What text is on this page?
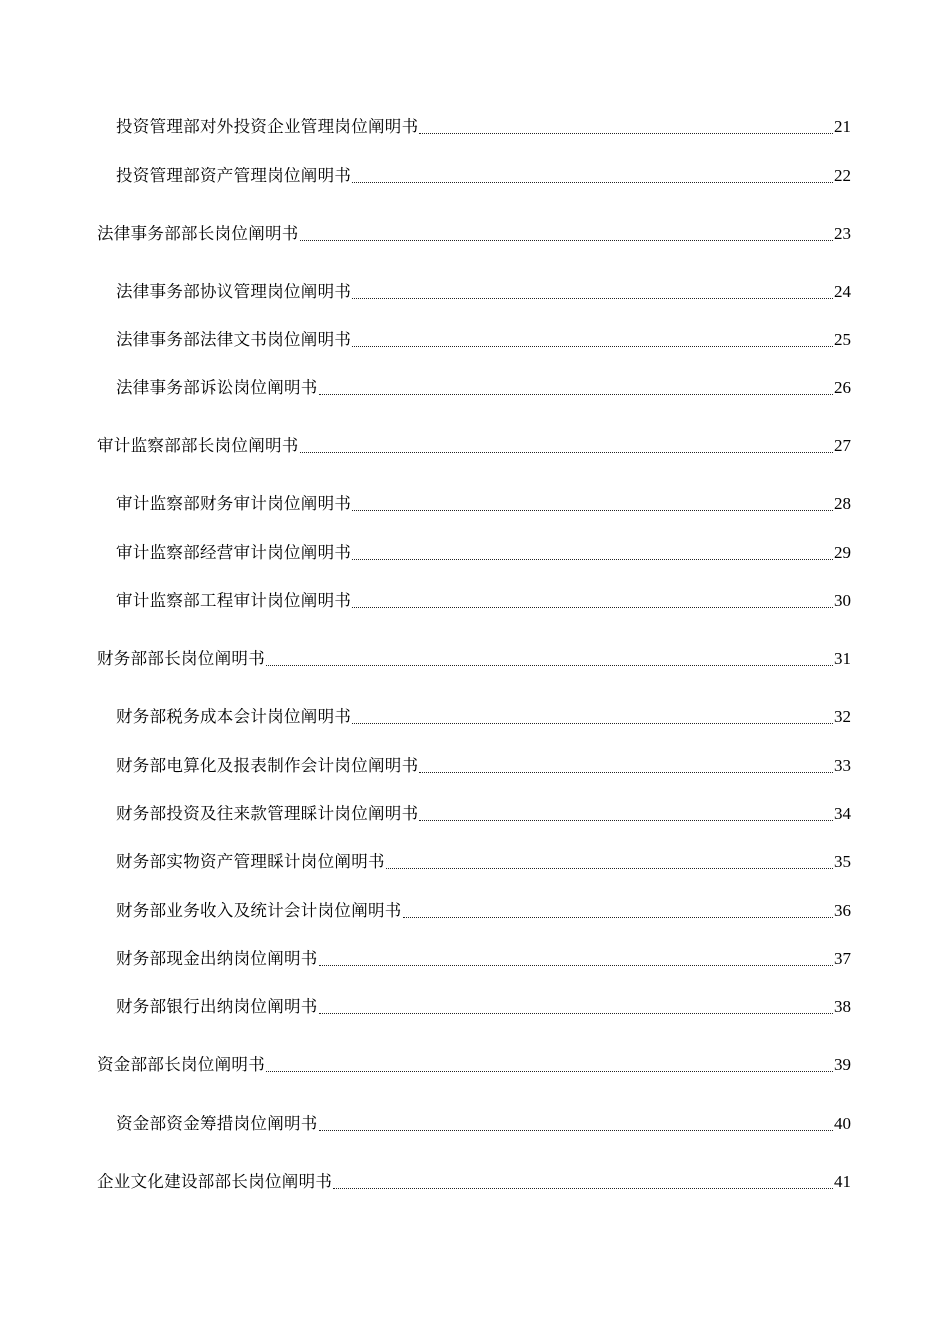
投资管理部对外投资企业管理岗位阐明书	21
投资管理部资产管理岗位阐明书	22
法律事务部部长岗位阐明书	23
法律事务部协议管理岗位阐明书	24
法律事务部法律文书岗位阐明书	25
法律事务部诉讼岗位阐明书	26
审计监察部部长岗位阐明书	27
审计监察部财务审计岗位阐明书	28
审计监察部经营审计岗位阐明书	29
审计监察部工程审计岗位阐明书	30
财务部部长岗位阐明书	31
财务部税务成本会计岗位阐明书	32
财务部电算化及报表制作会计岗位阐明书	33
财务部投资及往来款管理睬计岗位阐明书	34
财务部实物资产管理睬计岗位阐明书	35
财务部业务收入及统计会计岗位阐明书	36
财务部现金出纳岗位阐明书	37
财务部银行出纳岗位阐明书	38
资金部部长岗位阐明书	39
资金部资金筹措岗位阐明书	40
企业文化建设部部长岗位阐明书	41
